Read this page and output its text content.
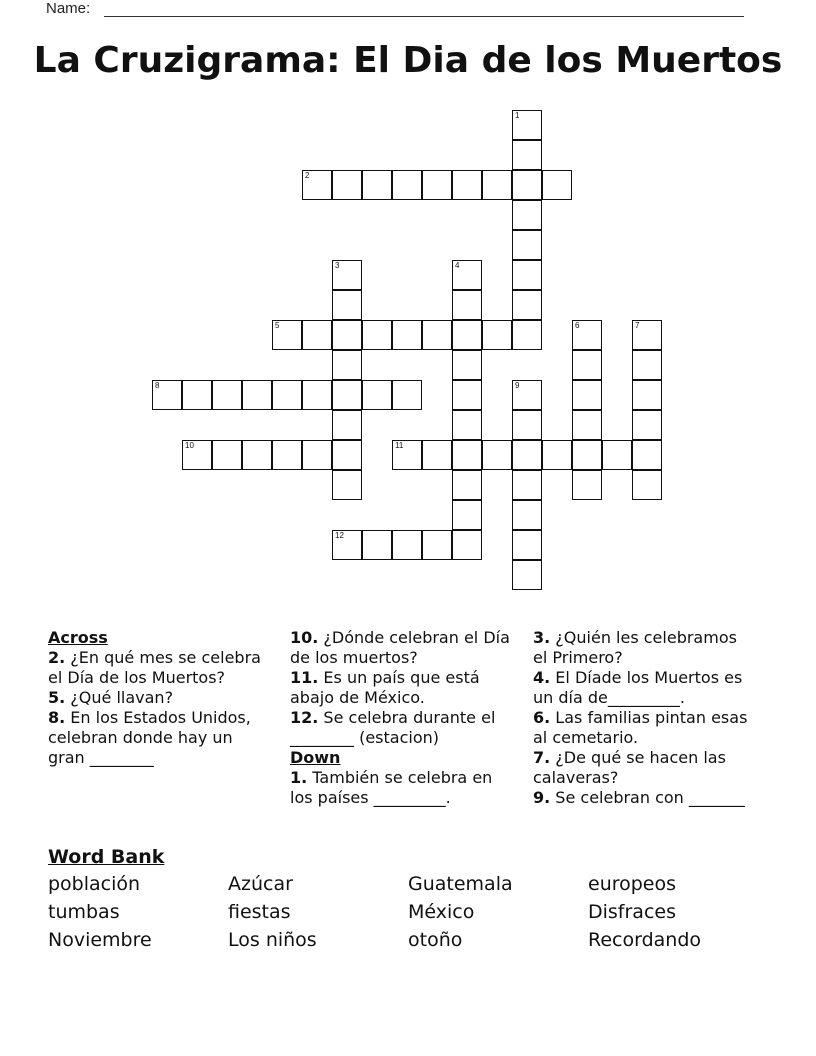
Name:
La Cruzigrama: El Dia de los Muertos
1
2
3	4
5	6	7
8	9
10	11
12
Across
2. ¿En qué mes se celebra el Día de los Muertos?
5. ¿Qué llavan?
8. En los Estados Unidos, celebran donde hay un gran ________
10. ¿Dónde celebran el Día de los muertos?
11. Es un país que está abajo de México.
12. Se celebra durante el ________ (estacion)
Down
1. También se celebra en los países _________.
3. ¿Quién les celebramos el Primero?
4. El Díade los Muertos es un día de_________.
6. Las familias pintan esas al cemetario.
7. ¿De qué se hacen las calaveras?
9. Se celebran con _______
Word Bank
población	Azúcar	Guatemala	europeos
tumbas	fiestas	México	Disfraces
Noviembre	Los niños	otoño	Recordando
